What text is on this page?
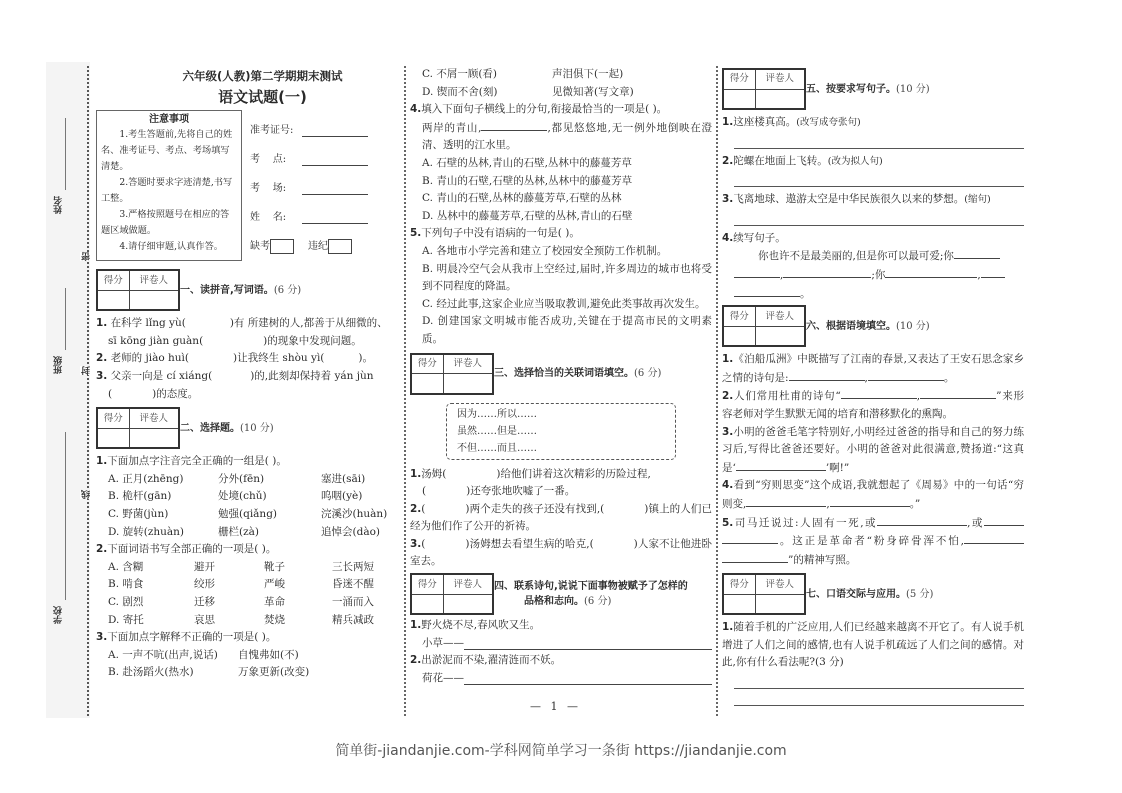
姓名
班级
学校
密
封
线
六年级(人教)第二学期期末测试
语文试题(一)
注意事项

1.考生答题前,先将自己的姓名、准考证号、考点、考场填写清楚。

2.答题时要求字迹清楚,书写工整。

3.严格按照题号在相应的答题区域做题。

4.请仔细审题,认真作答。

准考证号:
考    点:
考    场:
姓    名:
缺考	违纪
得分	评卷人

一、读拼音,写词语。(6 分)
1. 在科学 lǐng yù(	)有 所建树的人,都善于从细微的、
sī kōng jiàn guàn(	)的现象中发现问题。
2. 老师的 jiào huì(	)让我终生 shòu yì(	)。
3. 父亲一向是 cí xiáng(	)的,此刻却保持着 yán jùn
(	)的态度。
得分	评卷人

二、选择题。(10 分)
1.下面加点字注音完全正确的一组是( )。
A. 正月(zhēng)	分外(fēn)	塞进(sāi)
B. 桅杆(gān)	处境(chǔ)	呜咽(yè)
C. 野菌(jùn)	勉强(qiǎng)	浣溪沙(huàn)
D. 旋转(zhuàn)	栅栏(zà)	追悼会(dào)
2.下面词语书写全部正确的一项是( )。
A. 含糊	避开	靴子	三长两短
B. 啃食	绞形	严峻	昏迷不醒
C. 剧烈	迁移	革命	一涌而入
D. 寄托	哀思	焚烧	精兵减政
3.下面加点字解释不正确的一项是( )。
A. 一声不吭(出声,说话)	自愧弗如(不)
B. 赴汤蹈火(热水)	万象更新(改变)
C. 不屑一顾(看)	声泪俱下(一起)
D. 锲而不舍(刻)	见微知著(写文章)
4.填入下面句子横线上的分句,衔接最恰当的一项是( )。
两岸的青山,	,都见悠悠地,无一例外地倒映在澄清、透明的江水里。
A. 石壁的丛林,青山的石壁,丛林中的藤蔓芳草
B. 青山的石壁,石壁的丛林,丛林中的藤蔓芳草
C. 青山的石壁,丛林的藤蔓芳草,石壁的丛林
D. 丛林中的藤蔓芳草,石壁的丛林,青山的石壁
5.下列句子中没有语病的一句是( )。
A. 各地市小学完善和建立了校园安全预防工作机制。
B. 明晨冷空气会从我市上空经过,届时,许多周边的城市也将受到不同程度的降温。
C. 经过此事,这家企业应当吸取教训,避免此类事故再次发生。
D. 创建国家文明城市能否成功,关键在于提高市民的文明素质。
得分	评卷人

三、选择恰当的关联词语填空。(6 分)
因为……所以……虽然……但是……
不但……而且……
1.汤姆(	)给他们讲着这次精彩的历险过程,
(	)还夸张地吹嘘了一番。
2.(	)两个走失的孩子还没有找到,(	)镇上的人们已经为他们作了公开的祈祷。
3.(	)汤姆想去看望生病的哈克,(	)人家不让他进卧室去。
得分	评卷人
	四、联系诗句,说说下面事物被赋予了怎样的
品格和志向。(6 分)
1.野火烧不尽,春风吹又生。
小草——
2.出淤泥而不染,濯清涟而不妖。
荷花——
得分	评卷人

五、按要求写句子。(10 分)
1.这座楼真高。(改写成夸张句)
2.陀螺在地面上飞转。(改为拟人句)
3.飞离地球、遨游太空是中华民族很久以来的梦想。(缩句)
4.续写句子。
你也许不是最美丽的,但是你可以最可爱;你
,	;你	,
。
得分	评卷人

六、根据语境填空。(10 分)
1.《泊船瓜洲》中既描写了江南的春景,又表达了王安石思念家乡之情的诗句是:	,	。
2.人们常用杜甫的诗句“	,	”来形容老师对学生默默无闻的培育和潜移默化的熏陶。
3.小明的爸爸毛笔字特别好,小明经过爸爸的指导和自己的努力练习后,写得比爸爸还要好。小明的爸爸对此很满意,赞扬道:“这真是‘	’啊!”
4.看到“穷则思变”这个成语,我就想起了《周易》中的一句话“穷则变,	,	。”
5.司马迁说过:人固有一死,或	,或。这正是革命者“粉身碎骨浑不怕,”的精神写照。
得分	评卷人

七、口语交际与应用。(5 分)
1.随着手机的广泛应用,人们已经越来越离不开它了。有人说手机增进了人们之间的感情,也有人说手机疏远了人们之间的感情。对此,你有什么看法呢?(3 分)
— 1 —
简单街-jiandanjie.com-学科网简单学习一条街 https://jiandanjie.com
